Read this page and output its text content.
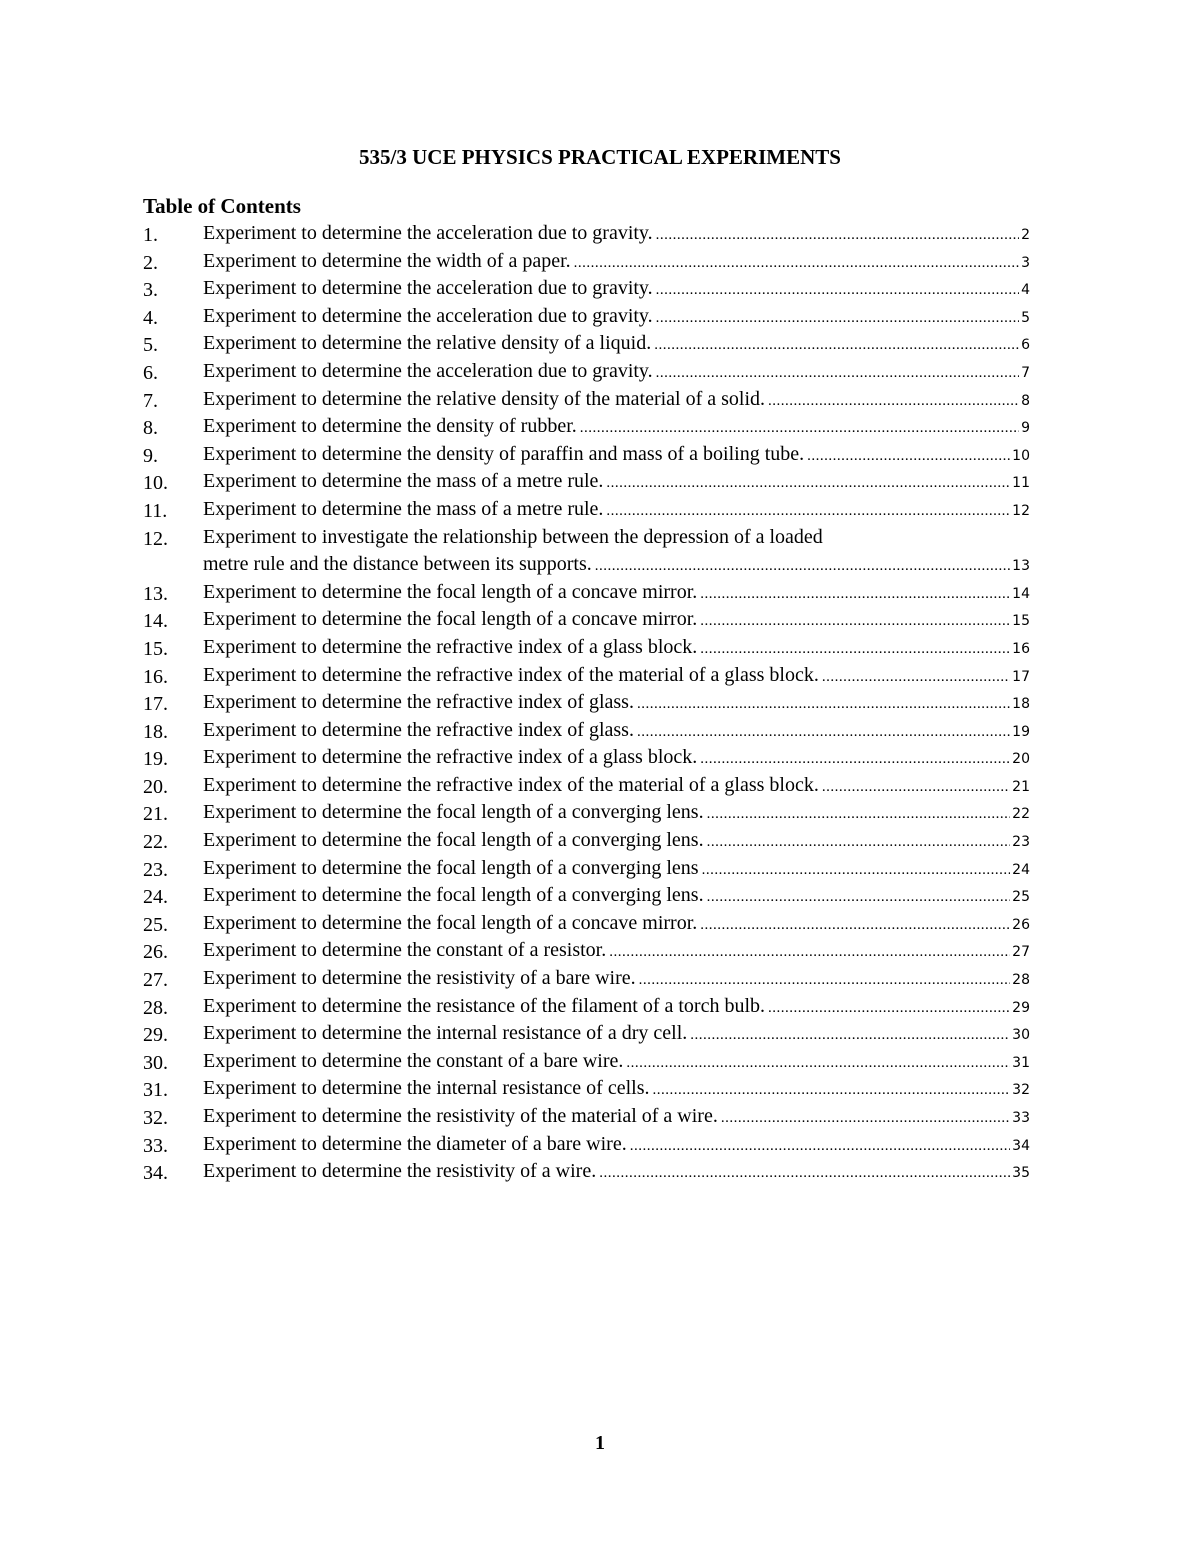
535/3 UCE PHYSICS PRACTICAL EXPERIMENTS
Table of Contents
1.	Experiment to determine the acceleration due to gravity. .....	2
2.	Experiment to determine the width of a paper. .....	3
3.	Experiment to determine the acceleration due to gravity. .....	4
4.	Experiment to determine the acceleration due to gravity. .....	5
5.	Experiment to determine the relative density of a liquid. .....	6
6.	Experiment to determine the acceleration due to gravity. .....	7
7.	Experiment to determine the relative density of the material of a solid. .....	8
8.	Experiment to determine the density of rubber. .....	9
9.	Experiment to determine the density of paraffin and mass of a boiling tube. .....	10
10.	Experiment to determine the mass of a metre rule. .....	11
11.	Experiment to determine the mass of a metre rule. .....	12
12.	Experiment to investigate the relationship between the depression of a loaded
metre rule and the distance between its supports. .....	13
13.	Experiment to determine the focal length of a concave mirror. .....	14
14.	Experiment to determine the focal length of a concave mirror. .....	15
15.	Experiment to determine the refractive index of a glass block. .....	16
16.	Experiment to determine the refractive index of the material of a glass block. .....	17
17.	Experiment to determine the refractive index of glass. .....	18
18.	Experiment to determine the refractive index of glass. .....	19
19.	Experiment to determine the refractive index of a glass block. .....	20
20.	Experiment to determine the refractive index of the material of a glass block. .....	21
21.	Experiment to determine the focal length of a converging lens. .....	22
22.	Experiment to determine the focal length of a converging lens. .....	23
23.	Experiment to determine the focal length of a converging lens .....	24
24.	Experiment to determine the focal length of a converging lens. .....	25
25.	Experiment to determine the focal length of a concave mirror. .....	26
26.	Experiment to determine the constant of a resistor. .....	27
27.	Experiment to determine the resistivity of a bare wire. .....	28
28.	Experiment to determine the resistance of the filament of a torch bulb. .....	29
29.	Experiment to determine the internal resistance of a dry cell. .....	30
30.	Experiment to determine the constant of a bare wire. .....	31
31.	Experiment to determine the internal resistance of cells. .....	32
32.	Experiment to determine the resistivity of the material of a wire. .....	33
33.	Experiment to determine the diameter of a bare wire. .....	34
34.	Experiment to determine the resistivity of a wire. .....	35
1
